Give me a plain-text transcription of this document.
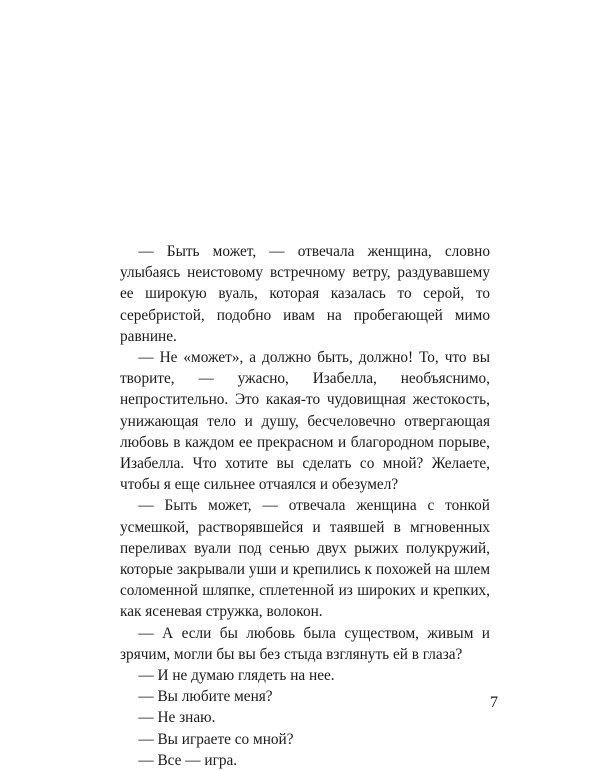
— Быть может, — отвечала женщина, словно улыбаясь неистовому встречному ветру, раздувавшему ее широкую вуаль, которая казалась то серой, то серебристой, подобно ивам на пробегающей мимо равнине.

— Не «может», а должно быть, должно! То, что вы творите, — ужасно, Изабелла, необъяснимо, непростительно. Это какая-то чудовищная жестокость, унижающая тело и душу, бесчеловечно отвергающая любовь в каждом ее прекрасном и благородном порыве, Изабелла. Что хотите вы сделать со мной? Желаете, чтобы я еще сильнее отчаялся и обезумел?

— Быть может, — отвечала женщина с тонкой усмешкой, растворявшейся и таявшей в мгновенных переливах вуали под сенью двух рыжих полукружий, которые закрывали уши и крепились к похожей на шлем соломенной шляпке, сплетенной из широких и крепких, как ясеневая стружка, волокон.

— А если бы любовь была существом, живым и зрячим, могли бы вы без стыда взглянуть ей в глаза?

— И не думаю глядеть на нее.

— Вы любите меня?

— Не знаю.

— Вы играете со мной?

— Все — игра.

7
